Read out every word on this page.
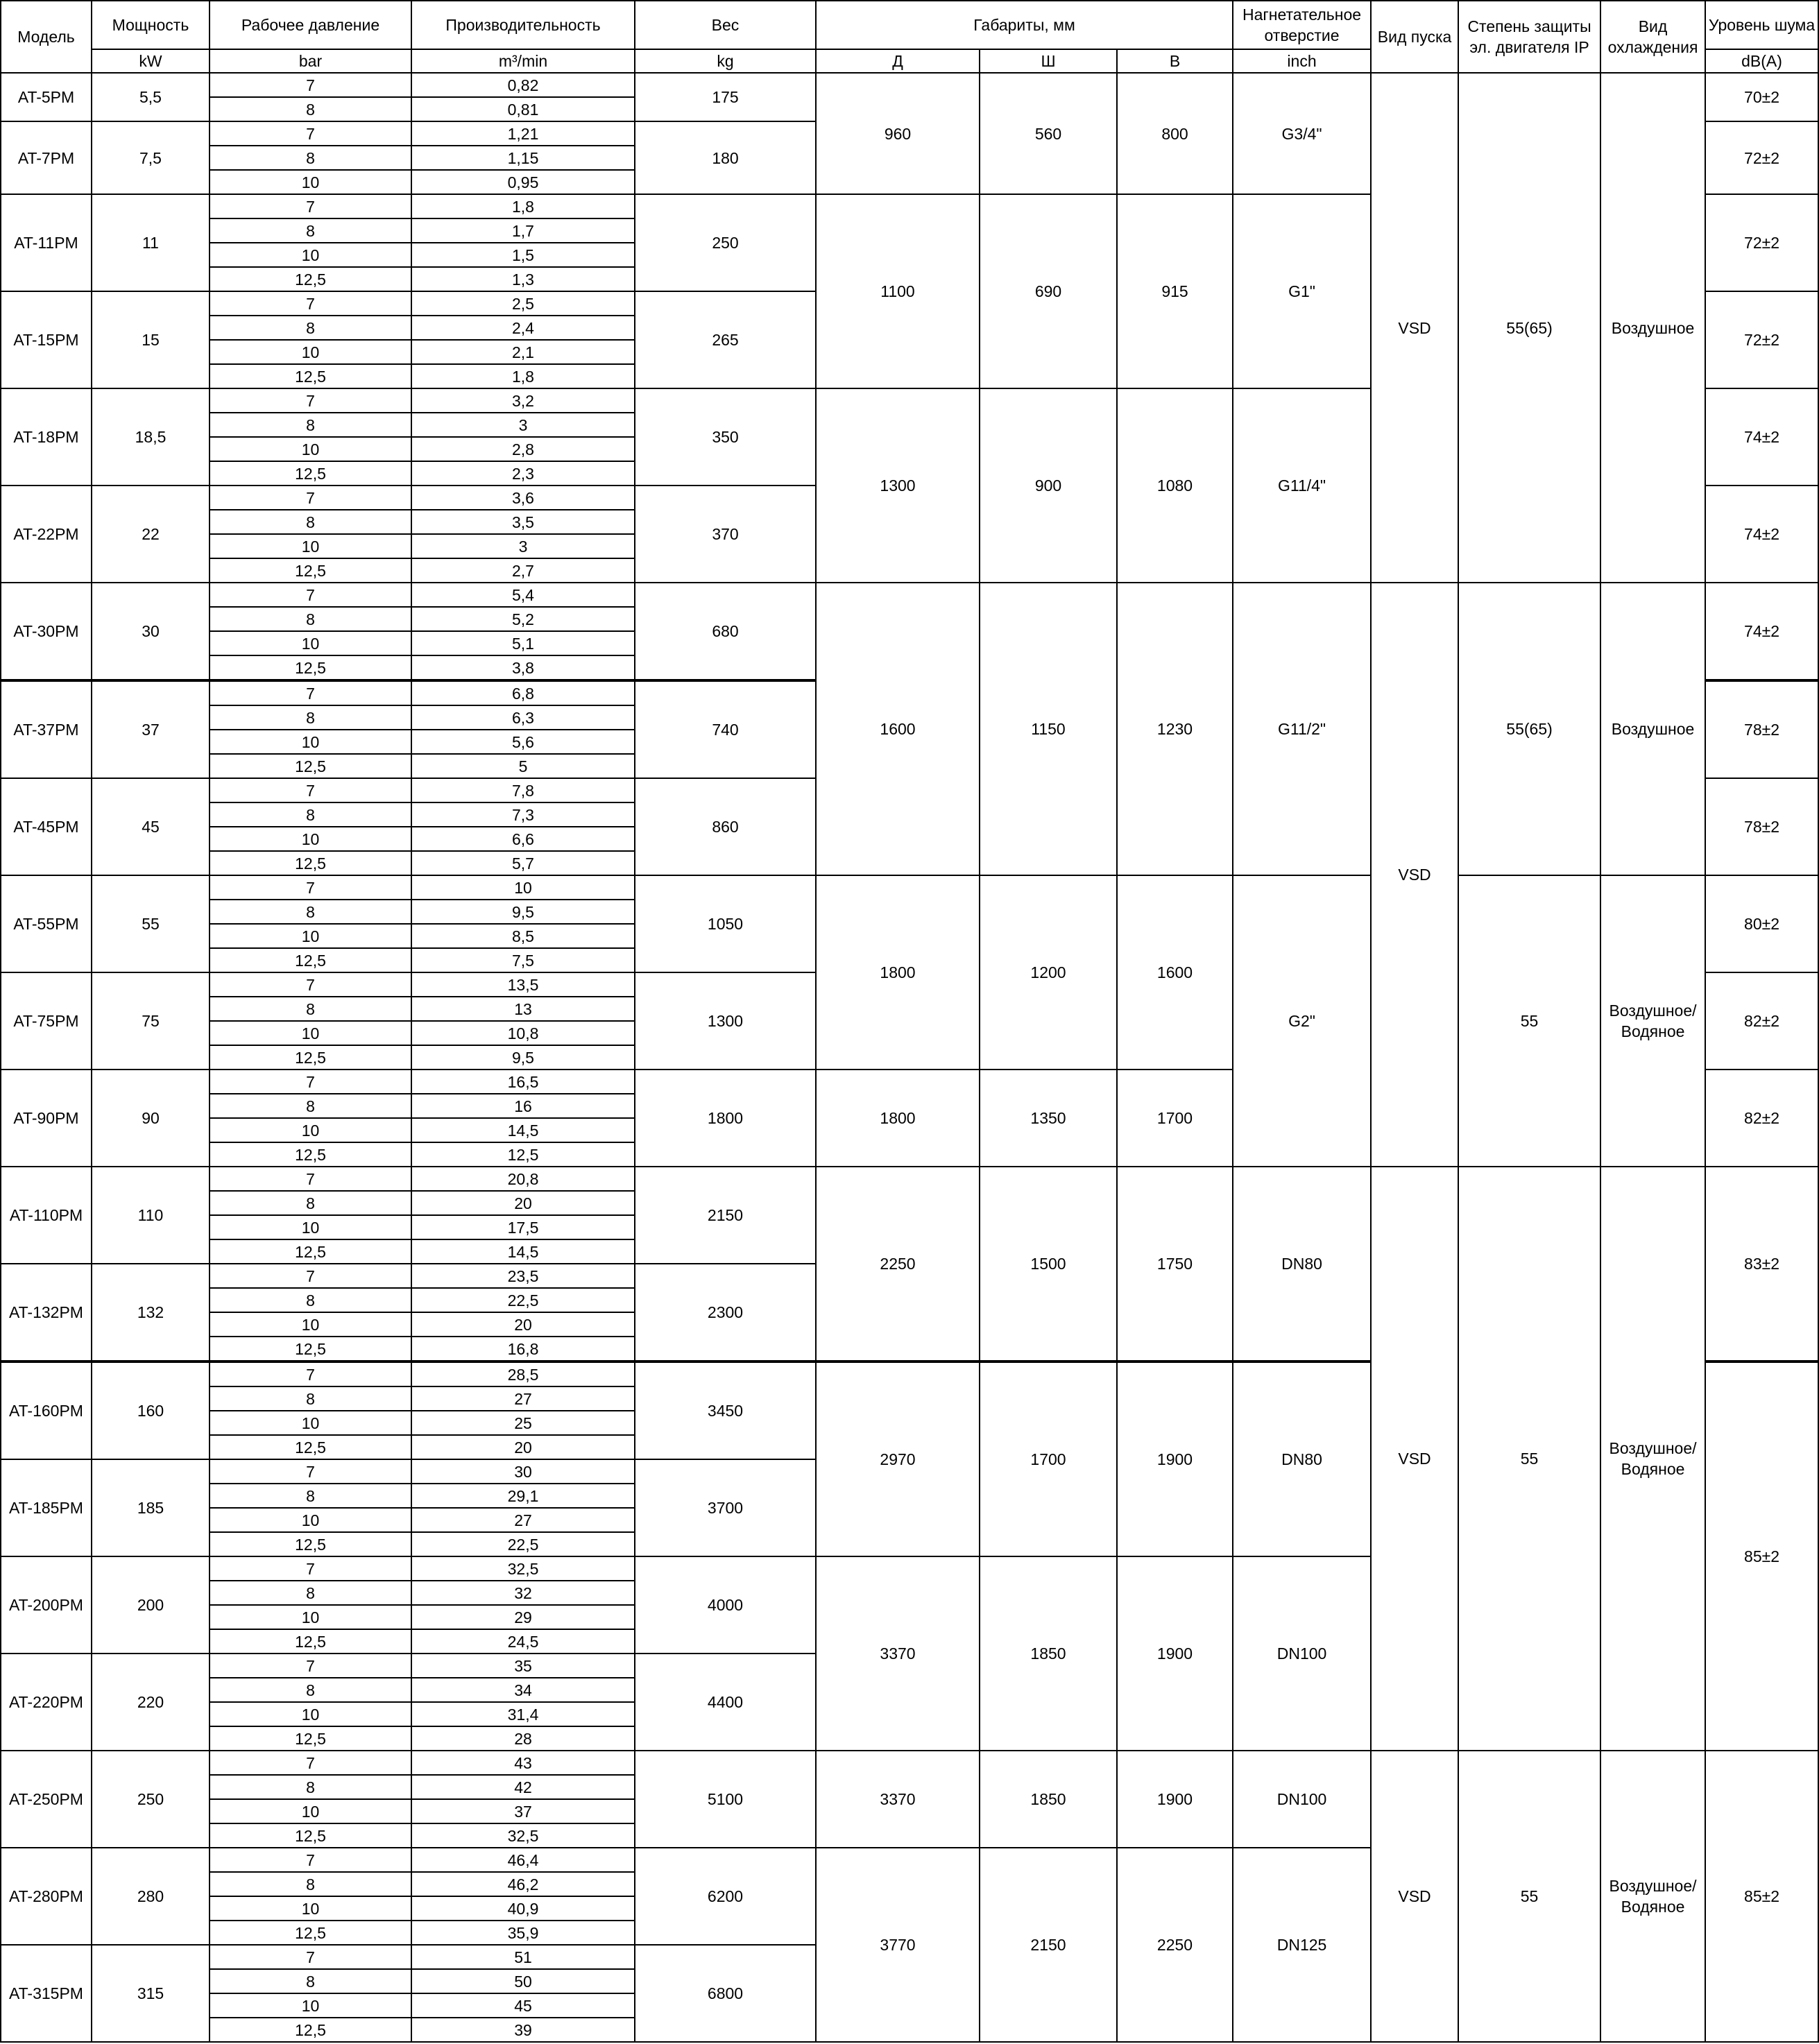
Модель	Мощность	Рабочее давление	Производительность	Вес	Габариты, мм			Нагнетательное отверстие	Вид пуска	Степень защиты эл. двигателя IP	Вид охлаждения	Уровень шума
	kW	bar	m³/min	kg	Д	Ш	В	inch				dB(A)
AT-5PM	5,5	7	0,82	175	960	560	800	G3/4"	VSD	55(65)	Воздушное	70±2
		8	0,81									
AT-7PM	7,5	7	1,21	180								72±2
		8	1,15									
		10	0,95									
AT-11PM	11	7	1,8	250	1100	690	915	G1"				72±2
		8	1,7									
		10	1,5									
		12,5	1,3									
AT-15PM	15	7	2,5	265								72±2
		8	2,4									
		10	2,1									
		12,5	1,8									
AT-18PM	18,5	7	3,2	350	1300	900	1080	G11/4"				74±2
		8	3									
		10	2,8									
		12,5	2,3									
AT-22PM	22	7	3,6	370								74±2
		8	3,5									
		10	3									
		12,5	2,7									
AT-30PM	30	7	5,4	680	1600	1150	1230	G11/2"	VSD	55(65)	Воздушное	74±2
		8	5,2									
		10	5,1									
		12,5	3,8									
AT-37PM	37	7	6,8	740								78±2
		8	6,3									
		10	5,6									
		12,5	5									
AT-45PM	45	7	7,8	860								78±2
		8	7,3									
		10	6,6									
		12,5	5,7									
AT-55PM	55	7	10	1050	1800	1200	1600	G2"		55	Воздушное/ Водяное	80±2
		8	9,5									
		10	8,5									
		12,5	7,5									
AT-75PM	75	7	13,5	1300								82±2
		8	13									
		10	10,8									
		12,5	9,5									
AT-90PM	90	7	16,5	1800	1800	1350	1700					82±2
		8	16									
		10	14,5									
		12,5	12,5									
AT-110PM	110	7	20,8	2150	2250	1500	1750	DN80	VSD	55	Воздушное/ Водяное	83±2
		8	20									
		10	17,5									
		12,5	14,5									
AT-132PM	132	7	23,5	2300								
		8	22,5									
		10	20									
		12,5	16,8									
AT-160PM	160	7	28,5	3450	2970	1700	1900	DN80				85±2
		8	27									
		10	25									
		12,5	20									
AT-185PM	185	7	30	3700								
		8	29,1									
		10	27									
		12,5	22,5									
AT-200PM	200	7	32,5	4000	3370	1850	1900	DN100				
		8	32									
		10	29									
		12,5	24,5									
AT-220PM	220	7	35	4400								
		8	34									
		10	31,4									
		12,5	28									
AT-250PM	250	7	43	5100	3370	1850	1900	DN100	VSD	55	Воздушное/ Водяное	85±2
		8	42									
		10	37									
		12,5	32,5									
AT-280PM	280	7	46,4	6200	3770	2150	2250	DN125				
		8	46,2									
		10	40,9									
		12,5	35,9									
AT-315PM	315	7	51	6800								
		8	50									
		10	45									
		12,5	39									
